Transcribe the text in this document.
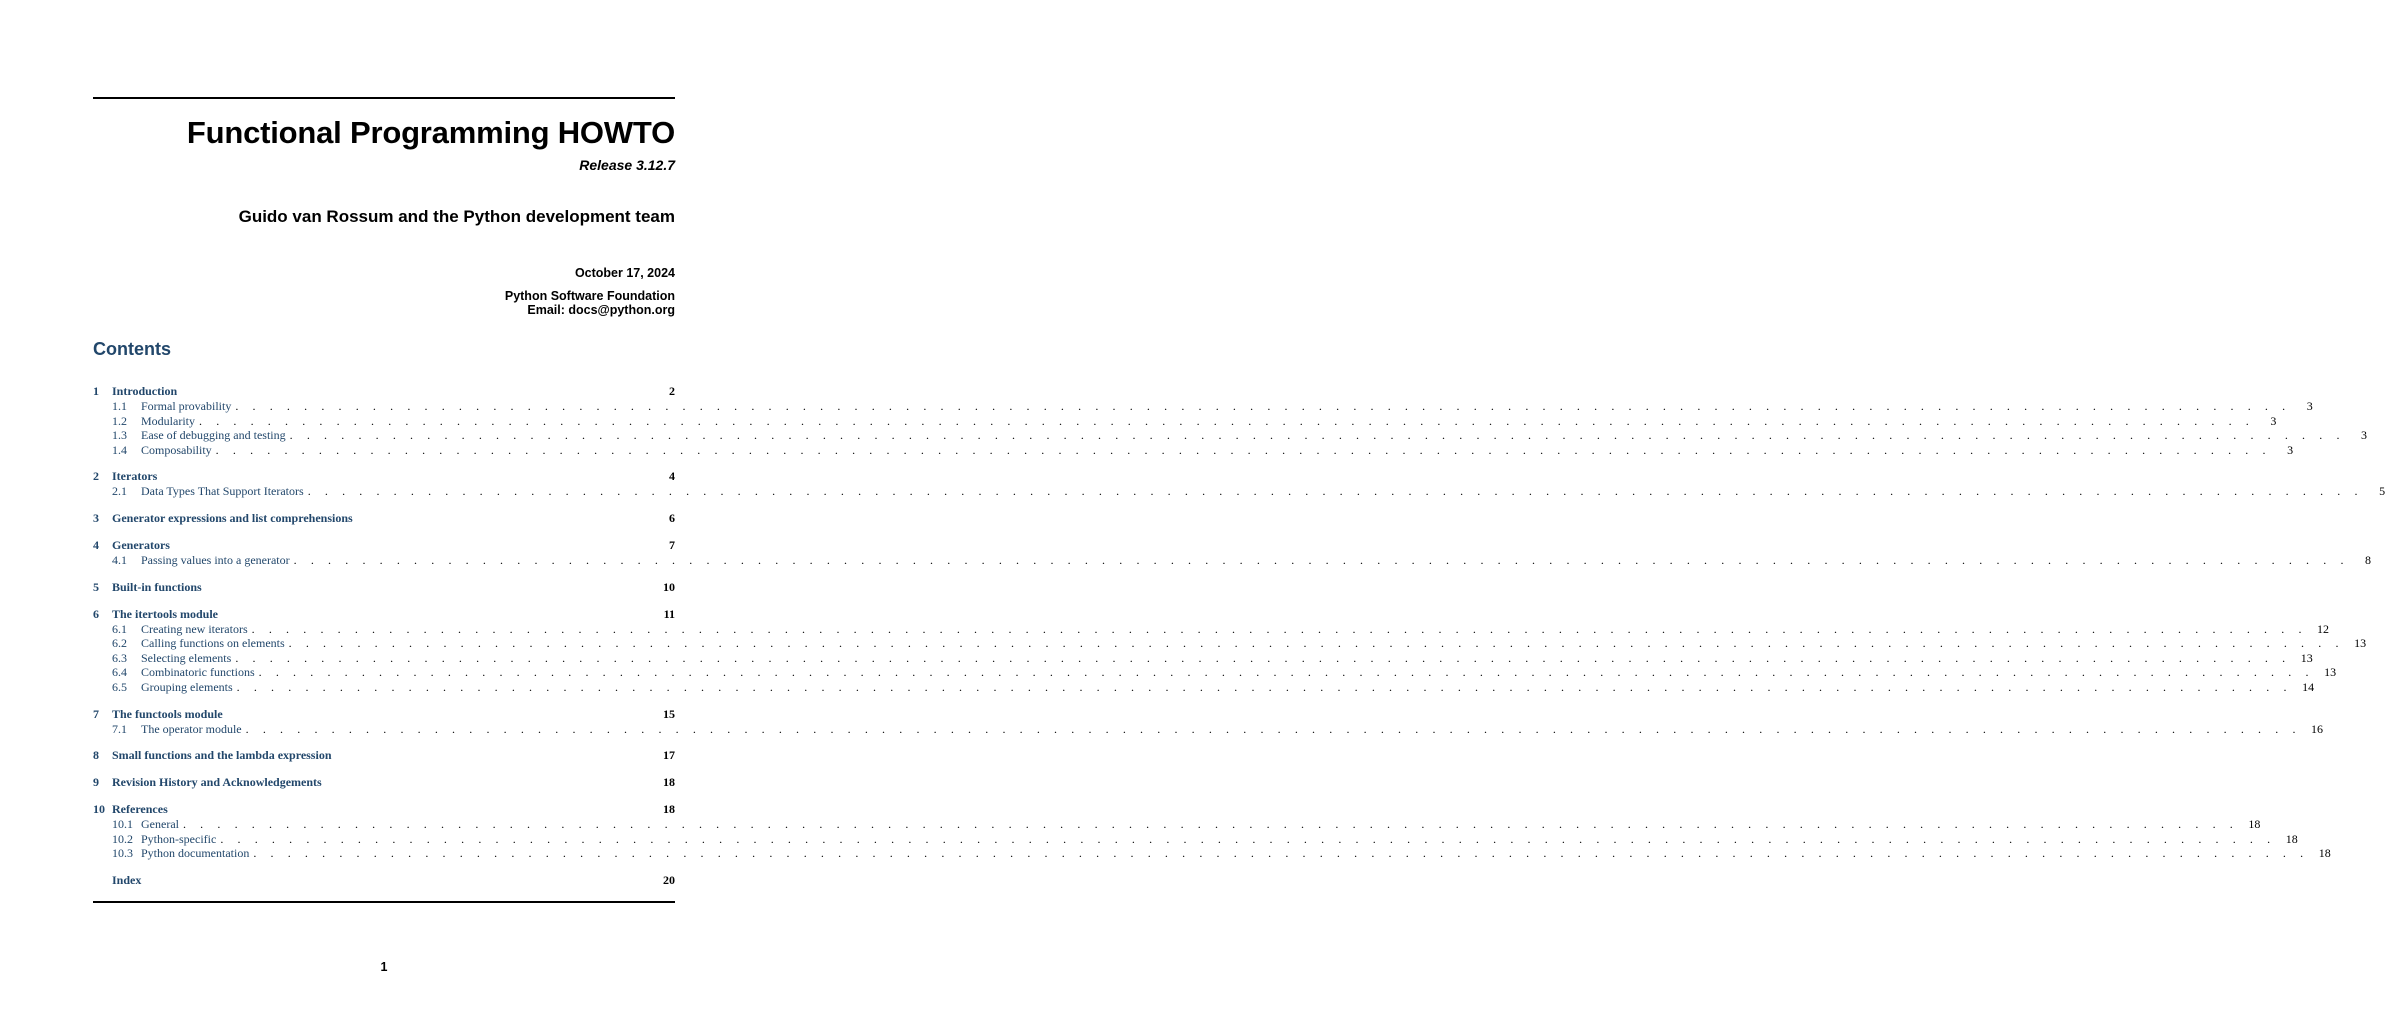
Functional Programming HOWTO
Release 3.12.7
Guido van Rossum and the Python development team
October 17, 2024
Python Software Foundation
Email: docs@python.org
Contents
1	Introduction	2
1.1	Formal provability . . . . . . . . . . . . . . . . . . . . . . . . . . . . . . . . . . . . . . . . . . . . . . . . . . . . . . . . . . . . . . . . . . . . . . . . . . . . . . . . . . . . . . . . . . . . . . . . . . . . . . . . . . . . . . . . . . . . . . . .	3
1.2	Modularity . . . . . . . . . . . . . . . . . . . . . . . . . . . . . . . . . . . . . . . . . . . . . . . . . . . . . . . . . . . . . . . . . . . . . . . . . . . . . . . . . . . . . . . . . . . . . . . . . . . . . . . . . . . . . . . . . . . . . . . .	3
1.3	Ease of debugging and testing . . . . . . . . . . . . . . . . . . . . . . . . . . . . . . . . . . . . . . . . . . . . . . . . . . . . . . . . . . . . . . . . . . . . . . . . . . . . . . . . . . . . . . . . . . . . . . . . . . . . . . . . . . . . . . . . . . . . . . . .	3
1.4	Composability . . . . . . . . . . . . . . . . . . . . . . . . . . . . . . . . . . . . . . . . . . . . . . . . . . . . . . . . . . . . . . . . . . . . . . . . . . . . . . . . . . . . . . . . . . . . . . . . . . . . . . . . . . . . . . . . . . . . . . . .	3
2	Iterators	4
2.1	Data Types That Support Iterators . . . . . . . . . . . . . . . . . . . . . . . . . . . . . . . . . . . . . . . . . . . . . . . . . . . . . . . . . . . . . . . . . . . . . . . . . . . . . . . . . . . . . . . . . . . . . . . . . . . . . . . . . . . . . . . . . . . . . . . .	5
3	Generator expressions and list comprehensions	6
4	Generators	7
4.1	Passing values into a generator . . . . . . . . . . . . . . . . . . . . . . . . . . . . . . . . . . . . . . . . . . . . . . . . . . . . . . . . . . . . . . . . . . . . . . . . . . . . . . . . . . . . . . . . . . . . . . . . . . . . . . . . . . . . . . . . . . . . . . . .	8
5	Built-in functions	10
6	The itertools module	11
6.1	Creating new iterators . . . . . . . . . . . . . . . . . . . . . . . . . . . . . . . . . . . . . . . . . . . . . . . . . . . . . . . . . . . . . . . . . . . . . . . . . . . . . . . . . . . . . . . . . . . . . . . . . . . . . . . . . . . . . . . . . . . . . . . . 12
6.2	Calling functions on elements . . . . . . . . . . . . . . . . . . . . . . . . . . . . . . . . . . . . . . . . . . . . . . . . . . . . . . . . . . . . . . . . . . . . . . . . . . . . . . . . . . . . . . . . . . . . . . . . . . . . . . . . . . . . . . . . . . . . . . . . 13
6.3	Selecting elements . . . . . . . . . . . . . . . . . . . . . . . . . . . . . . . . . . . . . . . . . . . . . . . . . . . . . . . . . . . . . . . . . . . . . . . . . . . . . . . . . . . . . . . . . . . . . . . . . . . . . . . . . . . . . . . . . . . . . . . . 13
6.4	Combinatoric functions . . . . . . . . . . . . . . . . . . . . . . . . . . . . . . . . . . . . . . . . . . . . . . . . . . . . . . . . . . . . . . . . . . . . . . . . . . . . . . . . . . . . . . . . . . . . . . . . . . . . . . . . . . . . . . . . . . . . . . . . 13
6.5	Grouping elements . . . . . . . . . . . . . . . . . . . . . . . . . . . . . . . . . . . . . . . . . . . . . . . . . . . . . . . . . . . . . . . . . . . . . . . . . . . . . . . . . . . . . . . . . . . . . . . . . . . . . . . . . . . . . . . . . . . . . . . . 14
7	The functools module	15
7.1	The operator module . . . . . . . . . . . . . . . . . . . . . . . . . . . . . . . . . . . . . . . . . . . . . . . . . . . . . . . . . . . . . . . . . . . . . . . . . . . . . . . . . . . . . . . . . . . . . . . . . . . . . . . . . . . . . . . . . . . . . . . . 16
8	Small functions and the lambda expression	17
9	Revision History and Acknowledgements	18
10 References	18
10.1 General . . . . . . . . . . . . . . . . . . . . . . . . . . . . . . . . . . . . . . . . . . . . . . . . . . . . . . . . . . . . . . . . . . . . . . . . . . . . . . . . . . . . . . . . . . . . . . . . . . . . . . . . . . . . . . . . . . . . . . . . 18
10.2 Python-specific . . . . . . . . . . . . . . . . . . . . . . . . . . . . . . . . . . . . . . . . . . . . . . . . . . . . . . . . . . . . . . . . . . . . . . . . . . . . . . . . . . . . . . . . . . . . . . . . . . . . . . . . . . . . . . . . . . . . . . . . 18
10.3 Python documentation . . . . . . . . . . . . . . . . . . . . . . . . . . . . . . . . . . . . . . . . . . . . . . . . . . . . . . . . . . . . . . . . . . . . . . . . . . . . . . . . . . . . . . . . . . . . . . . . . . . . . . . . . . . . . . . . . . . . . . . . 18
Index	20
1
